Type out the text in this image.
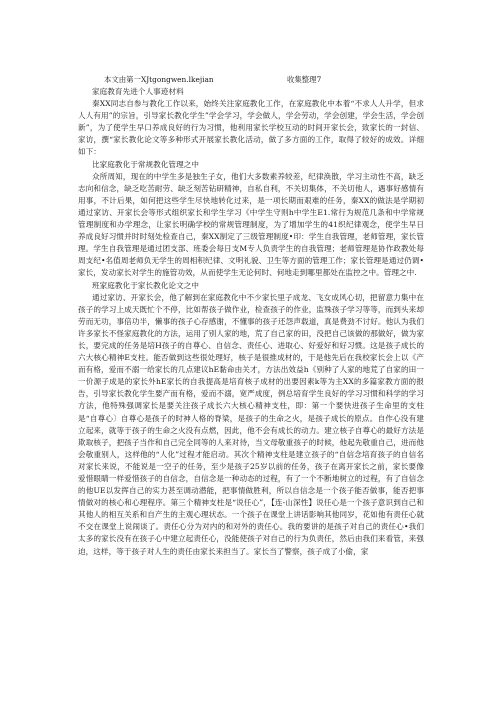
本文由第一XJtgongwen.lkejian	收集整理7

家庭教育先进个人事迹材料

秦XX同志自参与教化工作以来，始终关注家庭教化工作，在家庭教化中本着“不求人人升学，但求人人有用”的宗旨，引导家长教化学生”学会学习，学会做人，学会劳动，学会创建，学会生活，学会创新”，为了使学生早口养成良好的行为习惯，他利用家长学校互动的时间开家长会，致家长的一封信、家访，撰“家长教化论文等多种形式开展家长教化活动，做了多方面的工作，取得了较好的成效。详细如下：

比家庭教化于常规教化管理之中

众所周知，现在的中学生多是独生子女，他们大多数素养较差，纪律涣散，学习主动性不高，缺乏志向和信念，缺乏吃苦耐劳、缺乏刻苦钻研精神，自私自利，不关切集体，不关切他人，遇事好感情有用事，不计后果，如何把这些学生尽快地转化过来，是一项长期而艰难的任务，秦XX的做法是学期初通过家访、开家长会等形式组织家长和学生学习《中学生守则h中学生E1.常行为规范几条和中学常规管理制度和办学理念，让家长明确学校的常规管理制度，为了增加学生的41织纪律观念，使学生早日养成良好习惯并时时刻处检查自己，秦XX制定了三级管理制度•印：学生自我管理，老师管理，家长管理。学生自我管理是通过团支部、班委会每日支M专人负责学生的自我管理；老师管理是协作政教处每周支纪•名值周老师负无学生的周相积纪律、文明礼貌、卫生等方面的管理工作；家长管理是通过仍调•家长，发动家长对学生的施管功效，从而使学生无论何时、何地走到哪里都处在监控之中。管理之中.

班家庭教化于家长教化论文之中

通过家访、开家长会，他了解到在家庭教化中不少家长里子成龙、飞女成风心切，把留意力集中在孩子的学习上成天既忙个不停，比如帮孩子做作业，检查孩子的作业，监殊孩子学习等等，而到头来却劳而无功，事倍功半，懒事的孩子心存感谢，不懂事的孩子还怨声载道，真是费劲不讨好。他认为我们许多家长不怪家庭教化的方法，运用了别人家的地，荒了自己家的田，没把自己该做的那做好，做为家长，要完成的任务是培H孩子的自尊心、自信念、责任心、进取心、好爱好和好习惯。这是孩子成长的六大核心精神E支柱。能否做到这些很处理好，核子是很推成材的，于是他先后在我校家长会上以《产而有格，爱而不溺一给家长的几点建议hE黏命由关才，方法出效益h《别种了人家的地荒了自家的田一一价源子成是的家长外hE家长的自我提高是培育核子成材的出要因素k等为主XX的多篇家教方面的报告，引导家长教化学生要产而有格，爱而不溺，宽严成度，例总培育学生良好的学习习惯和科学的学习方法，他特殊强调家长是要关注孩子成长六大核心精神支柱，即：第一个要快进孩子生命里的支柱是“自尊心〕自尊心是孩子的时神人格的脊梁，是孩子的生命之火，是孩子成长的原点。自作心没有建立起来，就等于孩子的生命之火没有点燃，因此，他不会有成长的动力。建立核子自尊心的最好方法是欺取核子，把孩子当作和自己完全同等的人来对待，当文母敬重孩子的时候，他起先敬重自己，进而他会敬重别人，这样他的“人化”过程才能启动。其次个精神支柱是建立孩子的“自信念培育孩子的自信名对家长来说，不能说是一空子的任务，至少是孩子25岁以前的任务，孩子在离开家长之前，家长要像爱惜眼睛一样爱惜孩子的自信念，自信念是一种动态的过程，有了一个不断地树立的过程，有了自信念的他UE以发挥自己的实力甚至调动潜能，把事情做胜利，所以自信念是一个孩子能否做事，能否把事情做对的核心和心理程序。第三个精神支柱是“说任心”，【连-山深性】说任心是一个孩子意识到自己和其他人的相互关系和自产生的主观心理状态。一个孩子在课堂上讲话影响其他同岁，花如他有责任心就不交在课堂上说闹谈了。责任心分为对内的和对外的责任心。我的要讲的是孩子对自己的责任心•我们太多的家长没有在孩子心中建立起责任心，没能使孩子对自己的行为负责任，然后由我们来看管，来强迫，这样，等于孩子对人生的责任由家长来担当了。家长当了警察，孩子成了小偷，家
